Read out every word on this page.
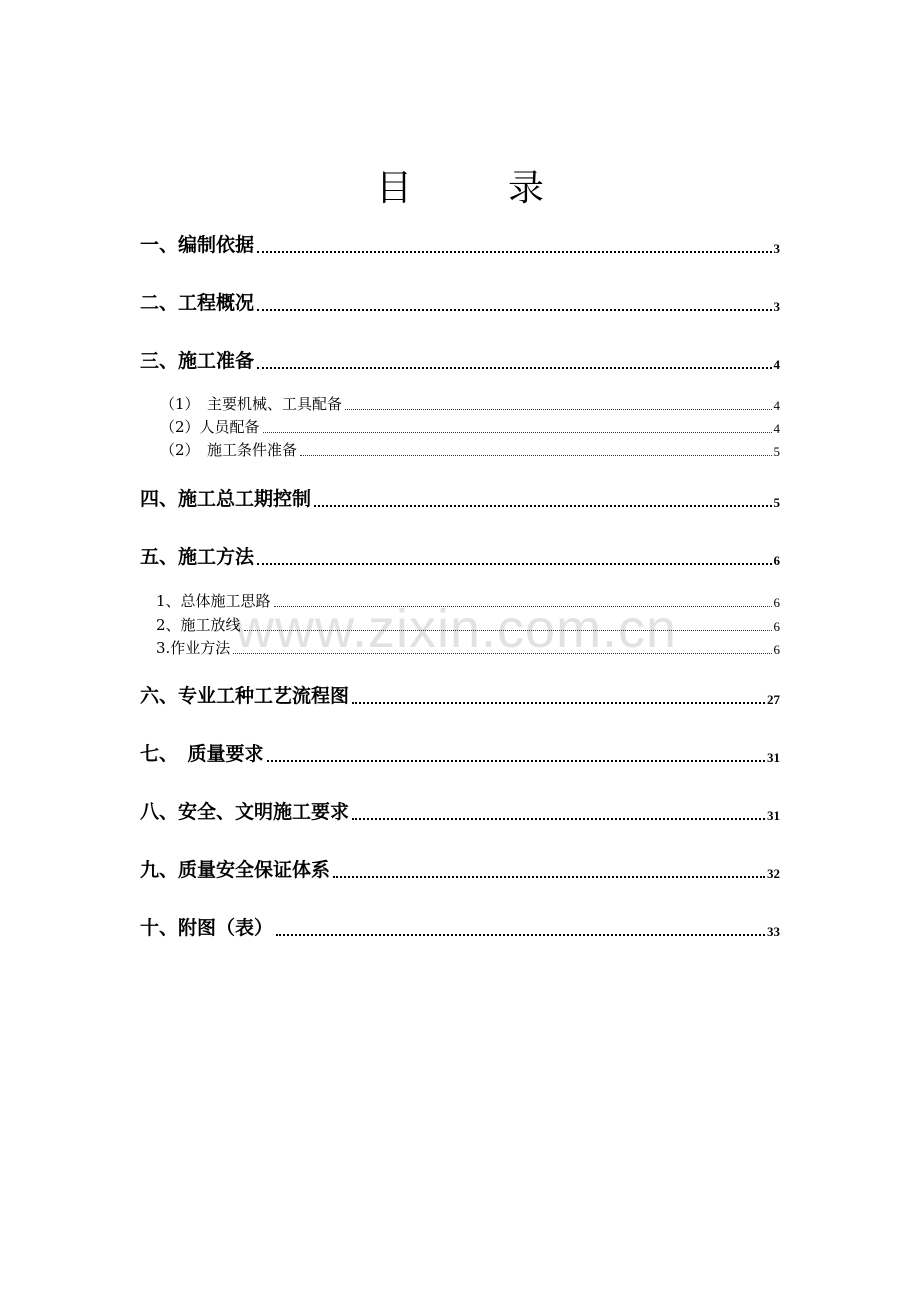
目	录
www.zixin.com.cn
一、编制依据	3
二、工程概况	3
三、施工准备	4
（1）　主要机械、工具配备	4
（2）人员配备	4
（2）　施工条件准备	5
四、施工总工期控制	5
五、施工方法	6
1、总体施工思路	6
2、施工放线	6
3.作业方法	6
六、专业工种工艺流程图	27
七、　质量要求	31
八、安全、文明施工要求	31
九、质量安全保证体系	32
十、附图（表）	33
